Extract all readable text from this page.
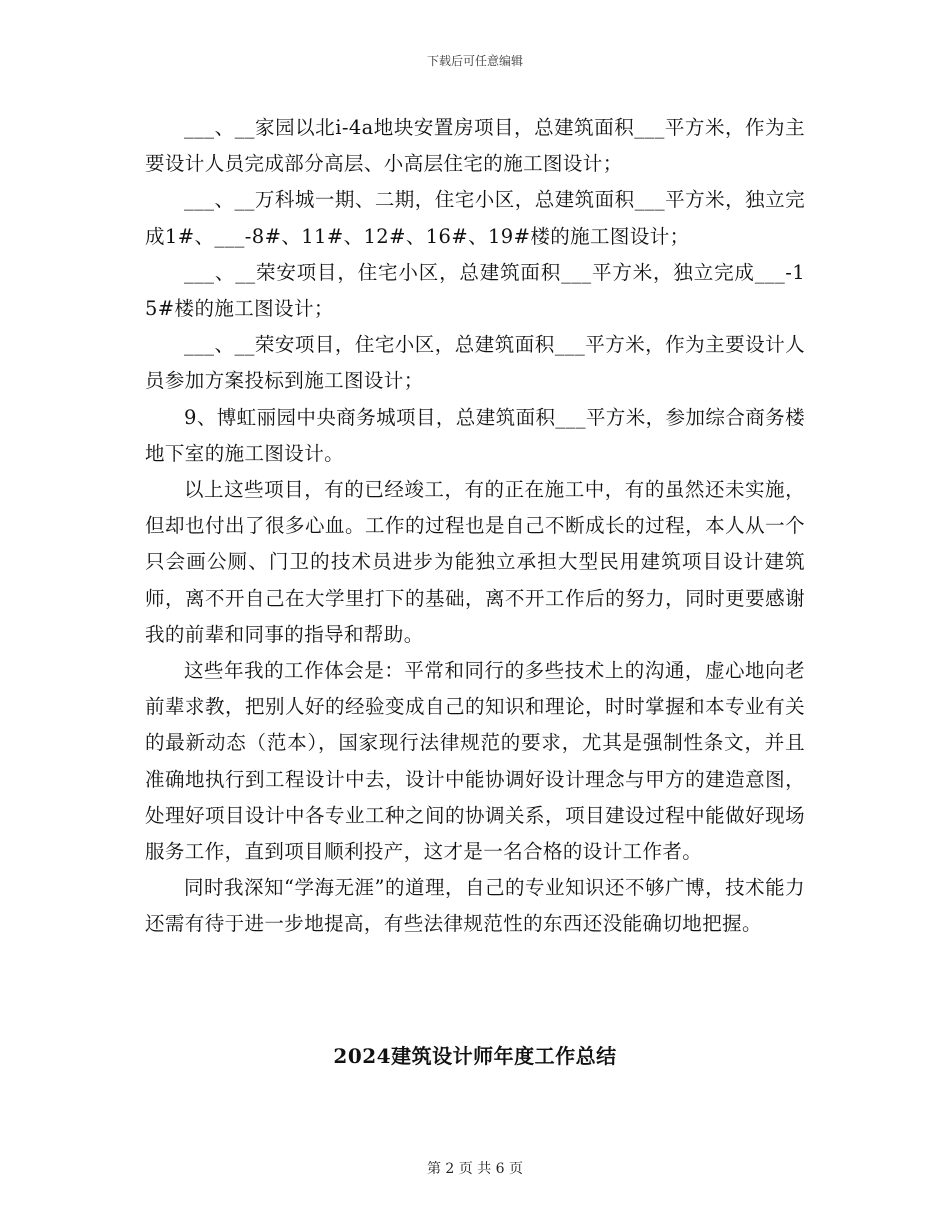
下载后可任意编辑

___、__家园以北i-4a地块安置房项目，总建筑面积___平方米，作为主要设计人员完成部分高层、小高层住宅的施工图设计；

___、__万科城一期、二期，住宅小区，总建筑面积___平方米，独立完成1#、___-8#、11#、12#、16#、19#楼的施工图设计；

___、__荣安项目，住宅小区，总建筑面积___平方米，独立完成___-15#楼的施工图设计；

___、__荣安项目，住宅小区，总建筑面积___平方米，作为主要设计人员参加方案投标到施工图设计；

9、博虹丽园中央商务城项目，总建筑面积___平方米，参加综合商务楼地下室的施工图设计。

以上这些项目，有的已经竣工，有的正在施工中，有的虽然还未实施，但却也付出了很多心血。工作的过程也是自己不断成长的过程，本人从一个只会画公厕、门卫的技术员进步为能独立承担大型民用建筑项目设计建筑师，离不开自己在大学里打下的基础，离不开工作后的努力，同时更要感谢我的前辈和同事的指导和帮助。

这些年我的工作体会是：平常和同行的多些技术上的沟通，虚心地向老前辈求教，把别人好的经验变成自己的知识和理论，时时掌握和本专业有关的最新动态（范本），国家现行法律规范的要求，尤其是强制性条文，并且准确地执行到工程设计中去，设计中能协调好设计理念与甲方的建造意图，处理好项目设计中各专业工种之间的协调关系，项目建设过程中能做好现场服务工作，直到项目顺利投产，这才是一名合格的设计工作者。

同时我深知“学海无涯”的道理，自己的专业知识还不够广博，技术能力还需有待于进一步地提高，有些法律规范性的东西还没能确切地把握。

2024建筑设计师年度工作总结
第 2 页 共 6 页
